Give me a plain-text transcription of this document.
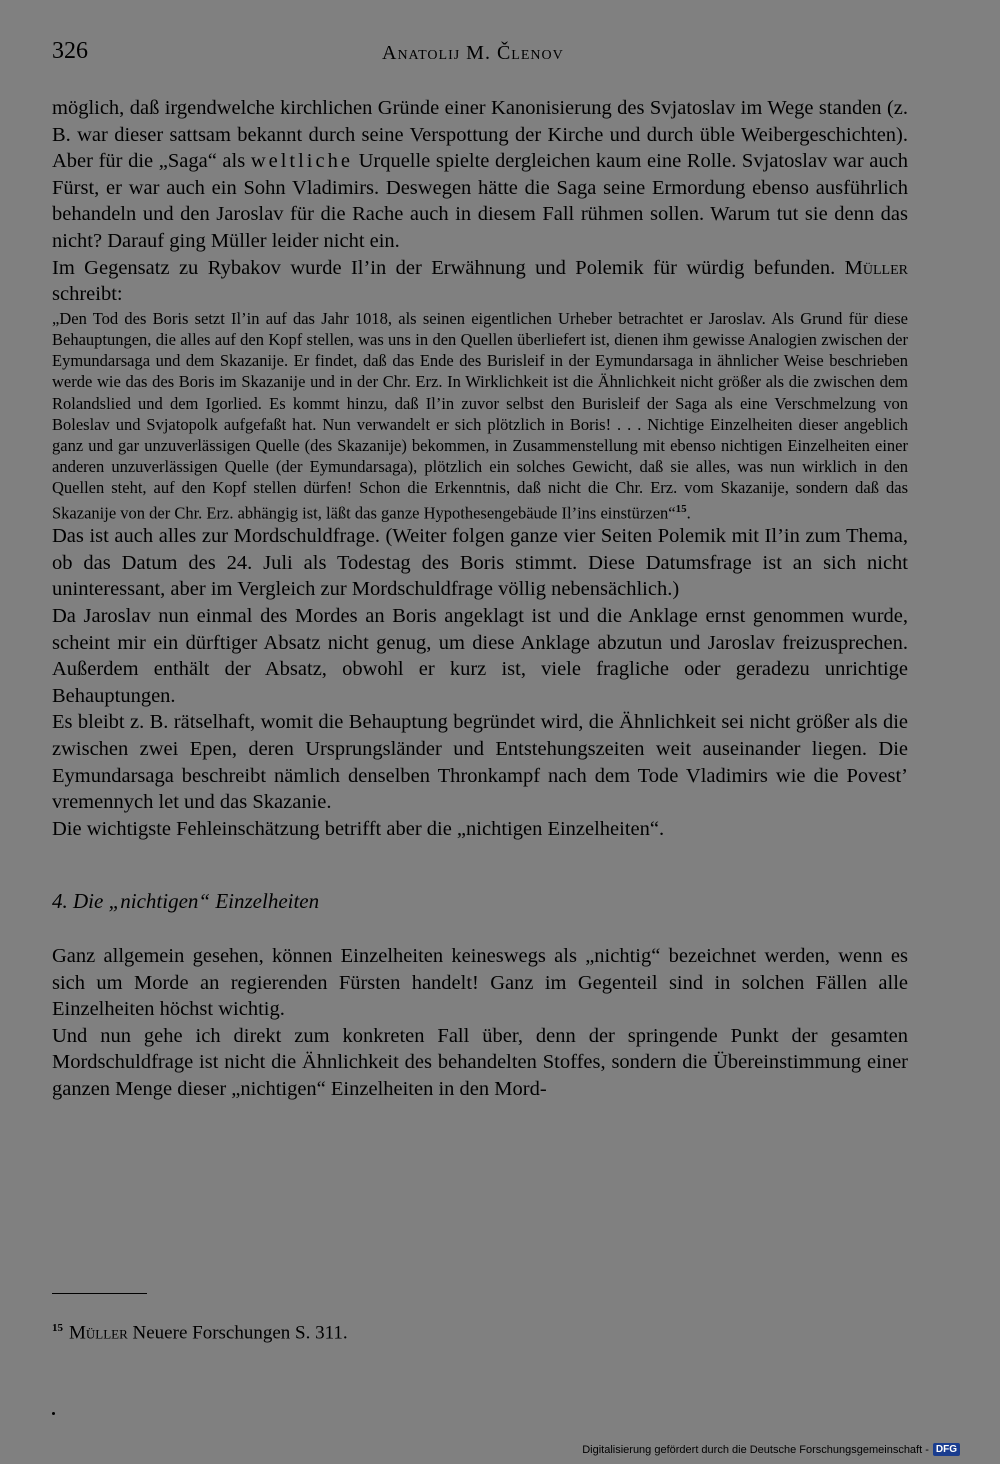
326	Anatolij M. Členov

möglich, daß irgendwelche kirchlichen Gründe einer Kanonisierung des Svjatoslav im Wege standen (z. B. war dieser sattsam bekannt durch seine Verspottung der Kirche und durch üble Weibergeschichten). Aber für die „Saga“ als weltliche Urquelle spielte dergleichen kaum eine Rolle. Svjatoslav war auch Fürst, er war auch ein Sohn Vladimirs. Deswegen hätte die Saga seine Ermordung ebenso ausführlich behandeln und den Jaroslav für die Rache auch in diesem Fall rühmen sollen. Warum tut sie denn das nicht? Darauf ging Müller leider nicht ein.

Im Gegensatz zu Rybakov wurde Il’in der Erwähnung und Polemik für würdig befunden. Müller schreibt:

„Den Tod des Boris setzt Il’in auf das Jahr 1018, als seinen eigentlichen Urheber betrachtet er Jaroslav. Als Grund für diese Behauptungen, die alles auf den Kopf stellen, was uns in den Quellen überliefert ist, dienen ihm gewisse Analogien zwischen der Eymundarsaga und dem Skazanije. Er findet, daß das Ende des Burisleif in der Eymundarsaga in ähnlicher Weise beschrieben werde wie das des Boris im Skazanije und in der Chr. Erz. In Wirklichkeit ist die Ähnlichkeit nicht größer als die zwischen dem Rolandslied und dem Igorlied. Es kommt hinzu, daß Il’in zuvor selbst den Burisleif der Saga als eine Verschmelzung von Boleslav und Svjatopolk aufgefaßt hat. Nun verwandelt er sich plötzlich in Boris! . . . Nichtige Einzelheiten dieser angeblich ganz und gar unzuverlässigen Quelle (des Skazanije) bekommen, in Zusammenstellung mit ebenso nichtigen Einzelheiten einer anderen unzuverlässigen Quelle (der Eymundarsaga), plötzlich ein solches Gewicht, daß sie alles, was nun wirklich in den Quellen steht, auf den Kopf stellen dürfen! Schon die Erkenntnis, daß nicht die Chr. Erz. vom Skazanije, sondern daß das Skazanije von der Chr. Erz. abhängig ist, läßt das ganze Hypothesengebäude Il’ins einstürzen“$^{15}$.

Das ist auch alles zur Mordschuldfrage. (Weiter folgen ganze vier Seiten Polemik mit Il’in zum Thema, ob das Datum des 24. Juli als Todestag des Boris stimmt. Diese Datumsfrage ist an sich nicht uninteressant, aber im Vergleich zur Mordschuldfrage völlig nebensächlich.)

Da Jaroslav nun einmal des Mordes an Boris angeklagt ist und die Anklage ernst genommen wurde, scheint mir ein dürftiger Absatz nicht genug, um diese Anklage abzutun und Jaroslav freizusprechen. Außerdem enthält der Absatz, obwohl er kurz ist, viele fragliche oder geradezu unrichtige Behauptungen.

Es bleibt z. B. rätselhaft, womit die Behauptung begründet wird, die Ähnlichkeit sei nicht größer als die zwischen zwei Epen, deren Ursprungsländer und Entstehungszeiten weit auseinander liegen. Die Eymundarsaga beschreibt nämlich denselben Thronkampf nach dem Tode Vladimirs wie die Povest’ vremennych let und das Skazanie.

Die wichtigste Fehleinschätzung betrifft aber die „nichtigen Einzelheiten“.

4. Die „nichtigen“ Einzelheiten

Ganz allgemein gesehen, können Einzelheiten keineswegs als „nichtig“ bezeichnet werden, wenn es sich um Morde an regierenden Fürsten handelt! Ganz im Gegenteil sind in solchen Fällen alle Einzelheiten höchst wichtig.

Und nun gehe ich direkt zum konkreten Fall über, denn der springende Punkt der gesamten Mordschuldfrage ist nicht die Ähnlichkeit des behandelten Stoffes, sondern die Übereinstimmung einer ganzen Menge dieser „nichtigen“ Einzelheiten in den Mord-

$^{15}$ Müller Neuere Forschungen S. 311.
Digitalisierung gefördert durch die Deutsche Forschungsgemeinschaft - DFG
